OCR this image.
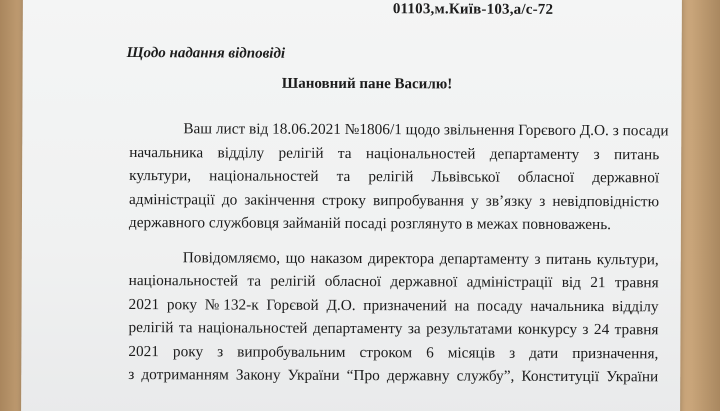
01103,м.Київ-103,а/с-72
Щодо надання відповіді
Шановний пане Василю!
Ваш лист від 18.06.2021 №1806/1 щодо звільнення Горєвого Д.О. з посади
начальника відділу релігій та національностей департаменту з питань
культури, національностей та релігій Львівської обласної державної
адміністрації до закінчення строку випробування у зв’язку з невідповідністю
державного службовця займаній посаді розглянуто в межах повноважень.
Повідомляємо, що наказом директора департаменту з питань культури,
національностей та релігій обласної державної адміністрації від 21 травня
2021 року №132-к Горєвой Д.О. призначений на посаду начальника відділу
релігій та національностей департаменту за результатами конкурсу з 24 травня
2021 року з випробувальним строком 6 місяців з дати призначення,
з дотриманням Закону України “Про державну службу”, Конституції України
